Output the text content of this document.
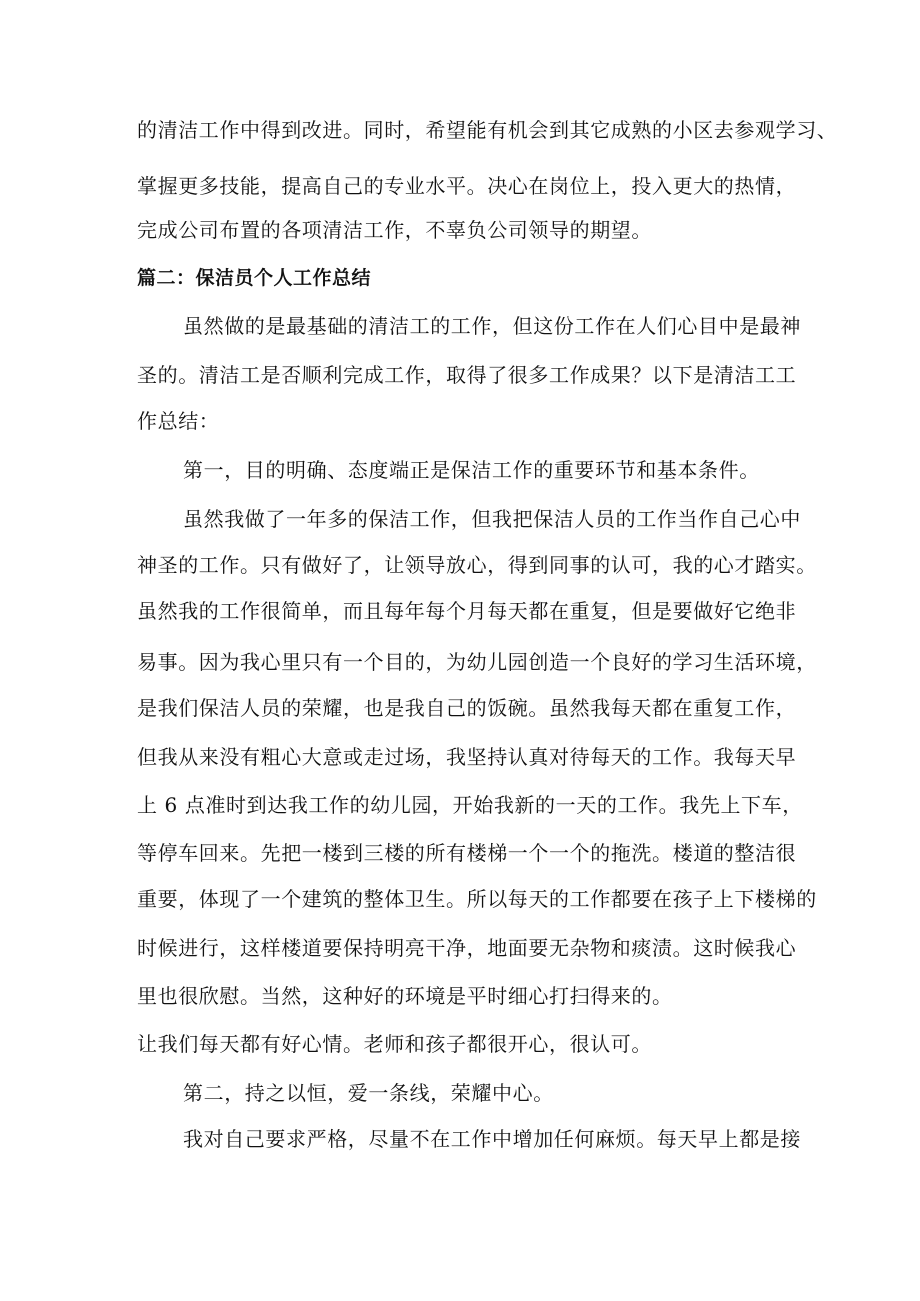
的清洁工作中得到改进。同时，希望能有机会到其它成熟的小区去参观学习、
掌握更多技能，提高自己的专业水平。决心在岗位上，投入更大的热情，
完成公司布置的各项清洁工作，不辜负公司领导的期望。
篇二：保洁员个人工作总结
虽然做的是最基础的清洁工的工作，但这份工作在人们心目中是最神
圣的。清洁工是否顺利完成工作，取得了很多工作成果？以下是清洁工工
作总结：
第一，目的明确、态度端正是保洁工作的重要环节和基本条件。
虽然我做了一年多的保洁工作，但我把保洁人员的工作当作自己心中
神圣的工作。只有做好了，让领导放心，得到同事的认可，我的心才踏实。
虽然我的工作很简单，而且每年每个月每天都在重复，但是要做好它绝非
易事。因为我心里只有一个目的，为幼儿园创造一个良好的学习生活环境，
是我们保洁人员的荣耀，也是我自己的饭碗。虽然我每天都在重复工作，
但我从来没有粗心大意或走过场，我坚持认真对待每天的工作。我每天早
上 6 点准时到达我工作的幼儿园，开始我新的一天的工作。我先上下车，
等停车回来。先把一楼到三楼的所有楼梯一个一个的拖洗。楼道的整洁很
重要，体现了一个建筑的整体卫生。所以每天的工作都要在孩子上下楼梯的
时候进行，这样楼道要保持明亮干净，地面要无杂物和痰渍。这时候我心
里也很欣慰。当然，这种好的环境是平时细心打扫得来的。
让我们每天都有好心情。老师和孩子都很开心，很认可。
第二，持之以恒，爱一条线，荣耀中心。
我对自己要求严格，尽量不在工作中增加任何麻烦。每天早上都是接
